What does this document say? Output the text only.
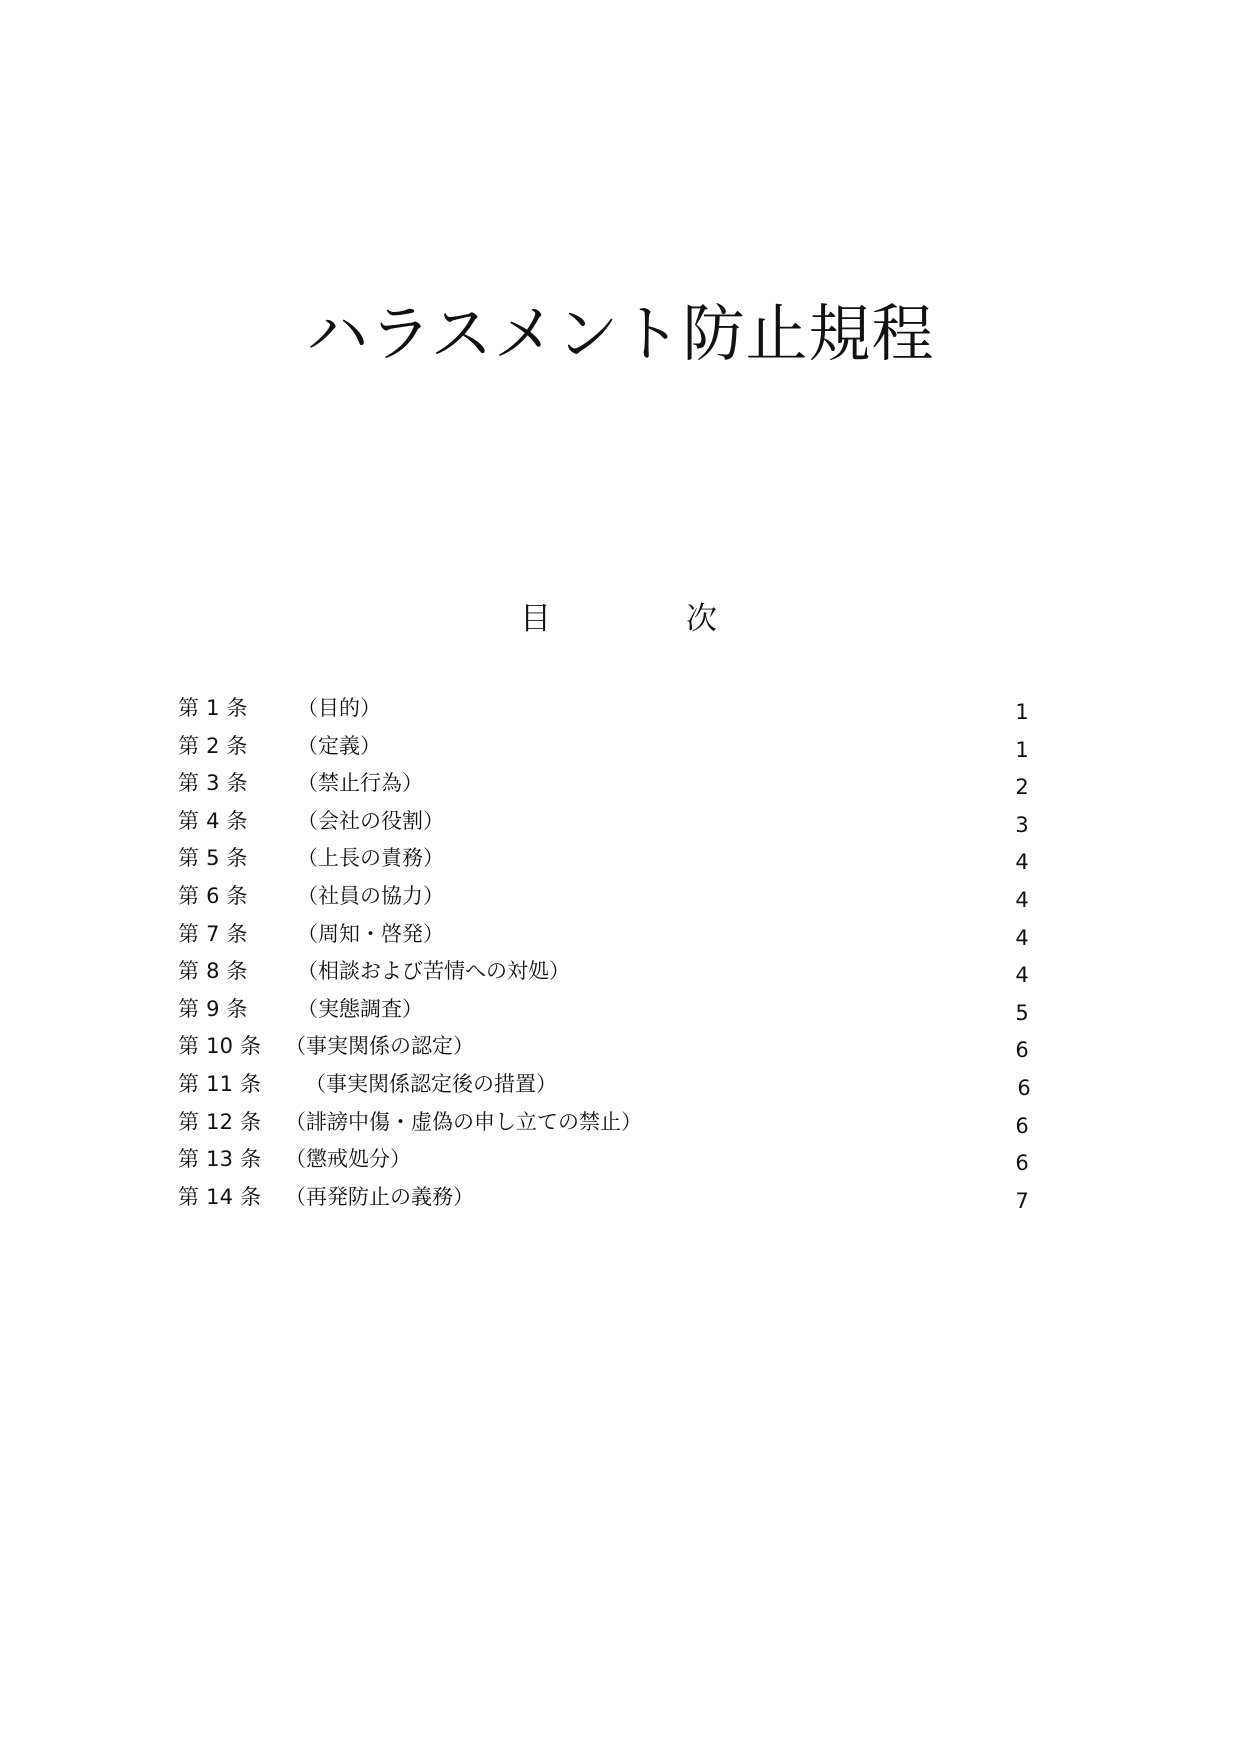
ハラスメント防止規程
目	次
第 1 条 （目的）	1
第 2 条 （定義）	1
第 3 条 （禁止行為）	2
第 4 条 （会社の役割）	3
第 5 条 （上長の責務）	4
第 6 条 （社員の協力）	4
第 7 条 （周知・啓発）	4
第 8 条 （相談および苦情への対処）	4
第 9 条 （実態調査）	5
第 10 条 （事実関係の認定）	6
第 11 条 （事実関係認定後の措置）	6
第 12 条 （誹謗中傷・虚偽の申し立ての禁止）	6
第 13 条 （懲戒処分）	6
第 14 条 （再発防止の義務）	7
